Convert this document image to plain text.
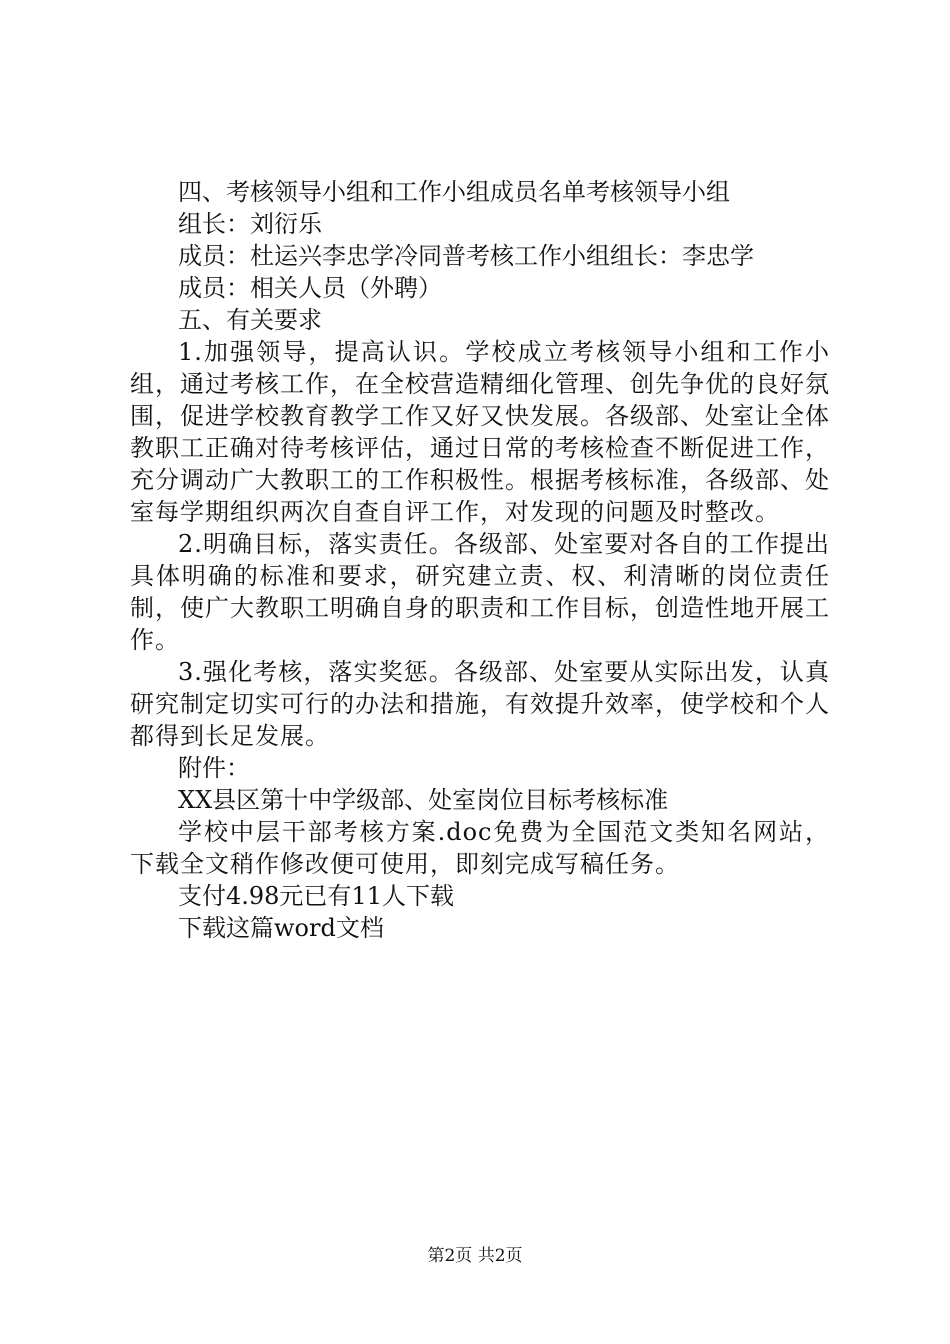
四、考核领导小组和工作小组成员名单考核领导小组

组长：刘衍乐

成员：杜运兴李忠学冷同普考核工作小组组长：李忠学

成员：相关人员（外聘）

五、有关要求

1.加强领导，提高认识。学校成立考核领导小组和工作小组，通过考核工作，在全校营造精细化管理、创先争优的良好氛围，促进学校教育教学工作又好又快发展。各级部、处室让全体教职工正确对待考核评估，通过日常的考核检查不断促进工作，充分调动广大教职工的工作积极性。根据考核标准，各级部、处室每学期组织两次自查自评工作，对发现的问题及时整改。

2.明确目标，落实责任。各级部、处室要对各自的工作提出具体明确的标准和要求，研究建立责、权、利清晰的岗位责任制，使广大教职工明确自身的职责和工作目标，创造性地开展工作。

3.强化考核，落实奖惩。各级部、处室要从实际出发，认真研究制定切实可行的办法和措施，有效提升效率，使学校和个人都得到长足发展。

附件：

XX县区第十中学级部、处室岗位目标考核标准

学校中层干部考核方案.doc免费为全国范文类知名网站，下载全文稍作修改便可使用，即刻完成写稿任务。

支付4.98元已有11人下载

下载这篇word文档

第2页 共2页
